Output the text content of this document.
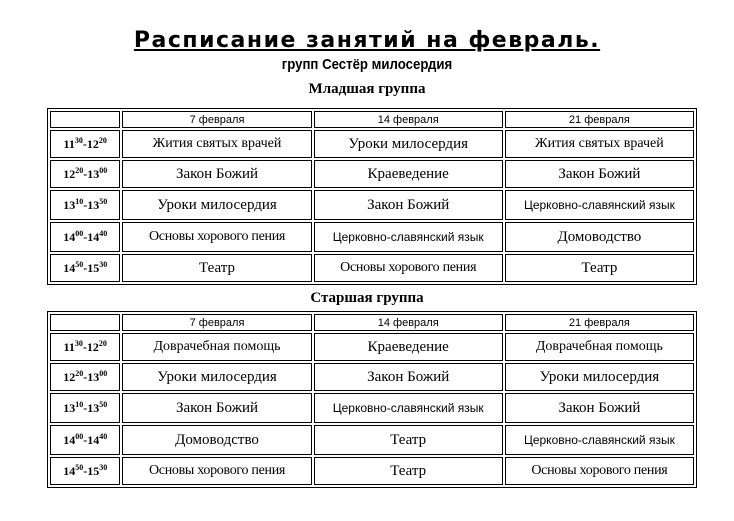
Расписание занятий на февраль.
групп Сестёр милосердия
Младшая группа
	7 февраля	14 февраля	21 февраля
$11^{30}-12^{20}$	Жития святых врачей	Уроки милосердия	Жития святых врачей
$12^{20}-13^{00}$	Закон Божий	Краеведение	Закон Божий
$13^{10}-13^{50}$	Уроки милосердия	Закон Божий	Церковно-славянский язык
$14^{00}-14^{40}$	Основы хорового пения	Церковно-славянский язык	Домоводство
$14^{50}-15^{30}$	Театр	Основы хорового пения	Театр
Старшая группа
	7 февраля	14 февраля	21 февраля
$11^{30}-12^{20}$	Доврачебная помощь	Краеведение	Доврачебная помощь
$12^{20}-13^{00}$	Уроки милосердия	Закон Божий	Уроки милосердия
$13^{10}-13^{50}$	Закон Божий	Церковно-славянский язык	Закон Божий
$14^{00}-14^{40}$	Домоводство	Театр	Церковно-славянский язык
$14^{50}-15^{30}$	Основы хорового пения	Театр	Основы хорового пения
